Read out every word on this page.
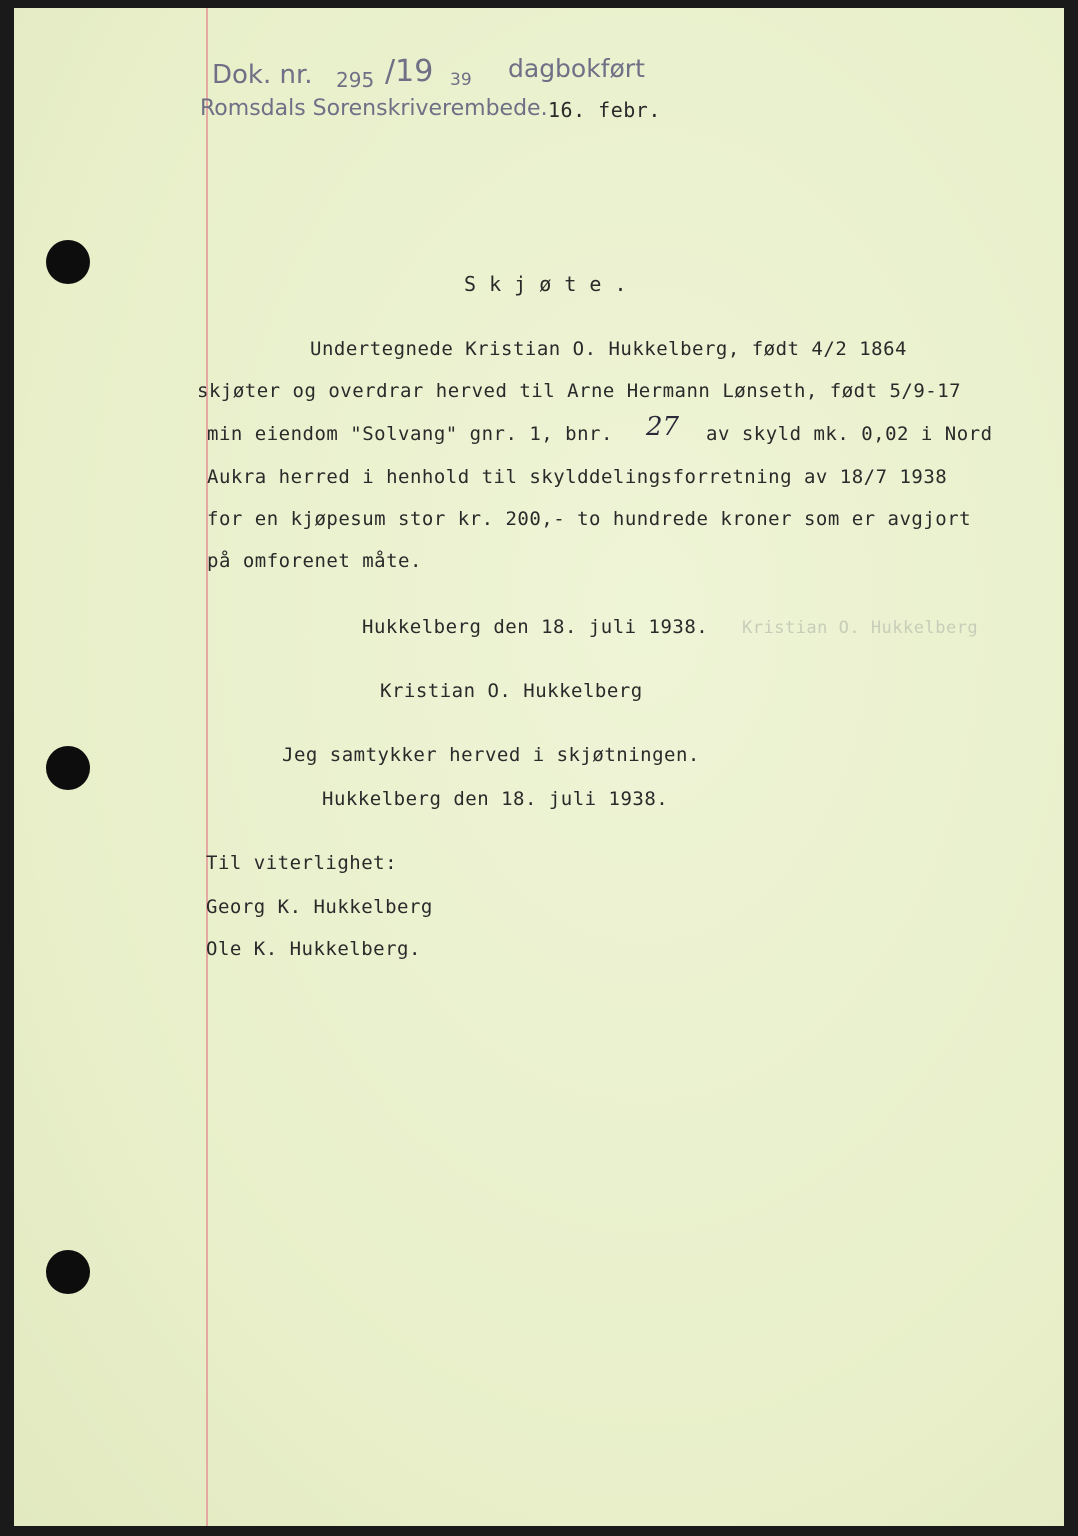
Dok. nr. 295 /19 39 dagbokført
Romsdals Sorenskriverembede. 16. febr.
S k j ø t e .
Undertegnede Kristian O. Hukkelberg, født 4/2 1864
skjøter og overdrar herved til Arne Hermann Lønseth, født 5/9-17
min eiendom "Solvang" gnr. 1, bnr. 27 av skyld mk. 0,02 i Nord
Aukra herred i henhold til skylddelingsforretning av 18/7 1938
for en kjøpesum stor kr. 200,- to hundrede kroner som er avgjort
på omforenet måte.
Hukkelberg den 18. juli 1938. Kristian O. Hukkelberg
Kristian O. Hukkelberg
Jeg samtykker herved i skjøtningen.
Hukkelberg den 18. juli 1938.
Til viterlighet:
Georg K. Hukkelberg
Ole K. Hukkelberg.
